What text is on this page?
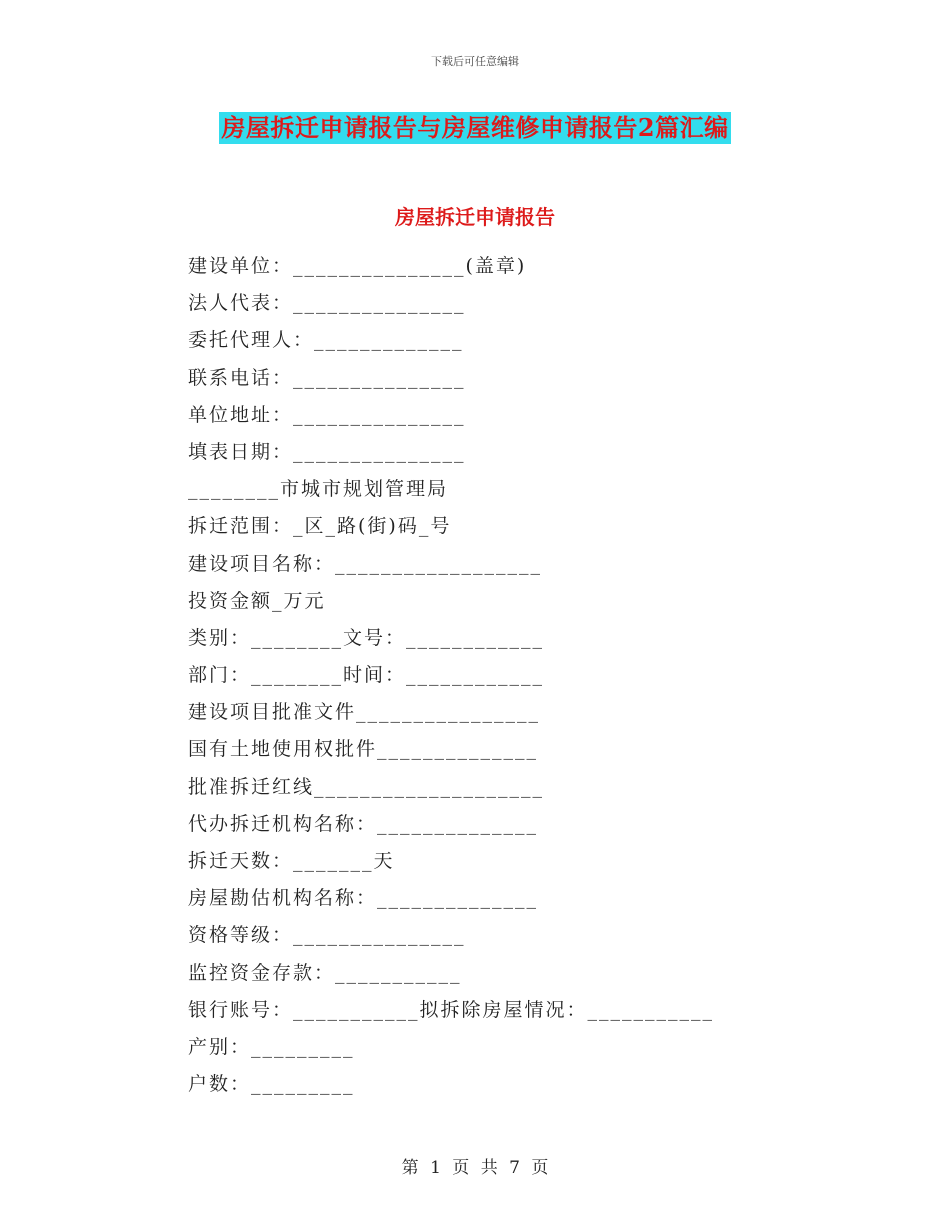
下载后可任意编辑
房屋拆迁申请报告与房屋维修申请报告2篇汇编
房屋拆迁申请报告
建设单位：_______________(盖章)
法人代表：_______________
委托代理人：_____________
联系电话：_______________
单位地址：_______________
填表日期：_______________
________市城市规划管理局
拆迁范围：_区_路(街)码_号
建设项目名称：__________________
投资金额_万元
类别：________文号：____________
部门：________时间：____________
建设项目批准文件________________
国有土地使用权批件______________
批准拆迁红线____________________
代办拆迁机构名称：______________
拆迁天数：_______天
房屋勘估机构名称：______________
资格等级：_______________
监控资金存款：___________
银行账号：___________拟拆除房屋情况：___________
产别：_________
户数：_________
第 1 页 共 7 页
